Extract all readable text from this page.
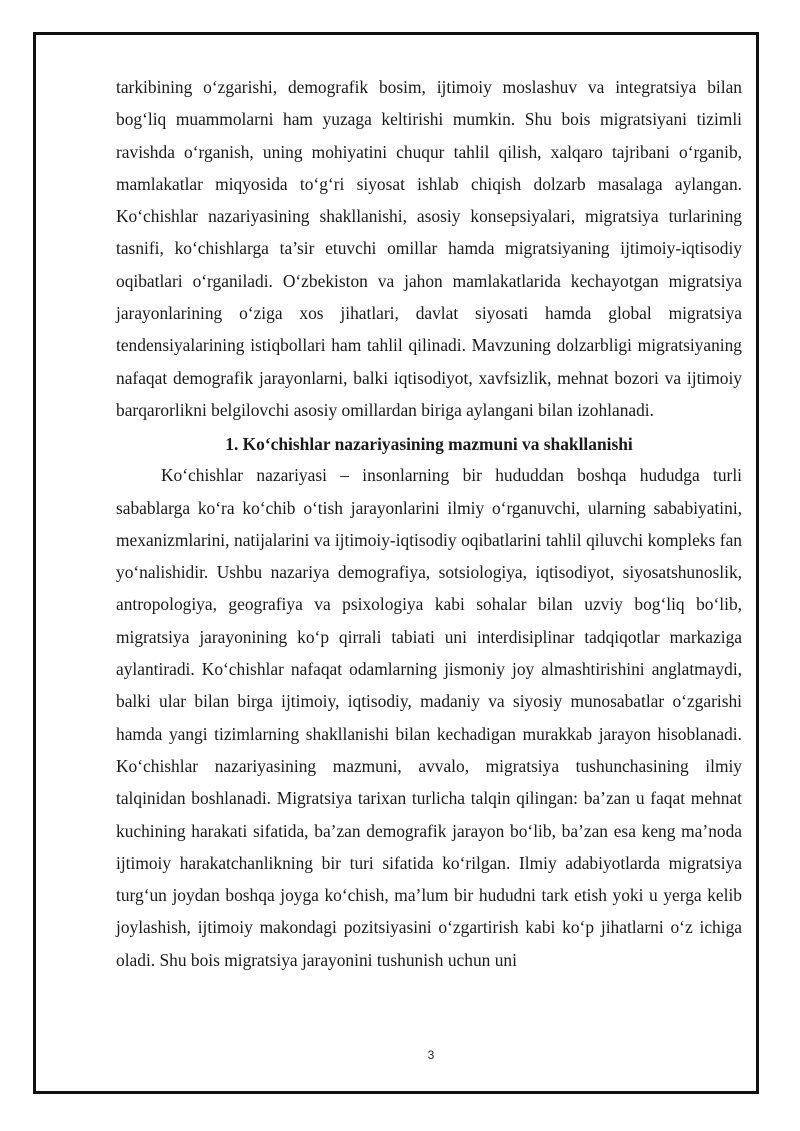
tarkibining o‘zgarishi, demografik bosim, ijtimoiy moslashuv va integratsiya bilan bog‘liq muammolarni ham yuzaga keltirishi mumkin. Shu bois migratsiyani tizimli ravishda o‘rganish, uning mohiyatini chuqur tahlil qilish, xalqaro tajribani o‘rganib, mamlakatlar miqyosida to‘g‘ri siyosat ishlab chiqish dolzarb masalaga aylangan. Ko‘chishlar nazariyasining shakllanishi, asosiy konsepsiyalari, migratsiya turlarining tasnifi, ko‘chishlarga ta’sir etuvchi omillar hamda migratsiyaning ijtimoiy-iqtisodiy oqibatlari o‘rganiladi. O‘zbekiston va jahon mamlakatlarida kechayotgan migratsiya jarayonlarining o‘ziga xos jihatlari, davlat siyosati hamda global migratsiya tendensiyalarining istiqbollari ham tahlil qilinadi. Mavzuning dolzarbligi migratsiyaning nafaqat demografik jarayonlarni, balki iqtisodiyot, xavfsizlik, mehnat bozori va ijtimoiy barqarorlikni belgilovchi asosiy omillardan biriga aylangani bilan izohlanadi.

1. Ko‘chishlar nazariyasining mazmuni va shakllanishi

Ko‘chishlar nazariyasi – insonlarning bir hududdan boshqa hududga turli sabablarga ko‘ra ko‘chib o‘tish jarayonlarini ilmiy o‘rganuvchi, ularning sababiyatini, mexanizmlarini, natijalarini va ijtimoiy-iqtisodiy oqibatlarini tahlil qiluvchi kompleks fan yo‘nalishidir. Ushbu nazariya demografiya, sotsiologiya, iqtisodiyot, siyosatshunoslik, antropologiya, geografiya va psixologiya kabi sohalar bilan uzviy bog‘liq bo‘lib, migratsiya jarayonining ko‘p qirrali tabiati uni interdisiplinar tadqiqotlar markaziga aylantiradi. Ko‘chishlar nafaqat odamlarning jismoniy joy almashtirishini anglatmaydi, balki ular bilan birga ijtimoiy, iqtisodiy, madaniy va siyosiy munosabatlar o‘zgarishi hamda yangi tizimlarning shakllanishi bilan kechadigan murakkab jarayon hisoblanadi. Ko‘chishlar nazariyasining mazmuni, avvalo, migratsiya tushunchasining ilmiy talqinidan boshlanadi. Migratsiya tarixan turlicha talqin qilingan: ba’zan u faqat mehnat kuchining harakati sifatida, ba’zan demografik jarayon bo‘lib, ba’zan esa keng ma’noda ijtimoiy harakatchanlikning bir turi sifatida ko‘rilgan. Ilmiy adabiyotlarda migratsiya turg‘un joydan boshqa joyga ko‘chish, ma’lum bir hududni tark etish yoki u yerga kelib joylashish, ijtimoiy makondagi pozitsiyasini o‘zgartirish kabi ko‘p jihatlarni o‘z ichiga oladi. Shu bois migratsiya jarayonini tushunish uchun uni

3
